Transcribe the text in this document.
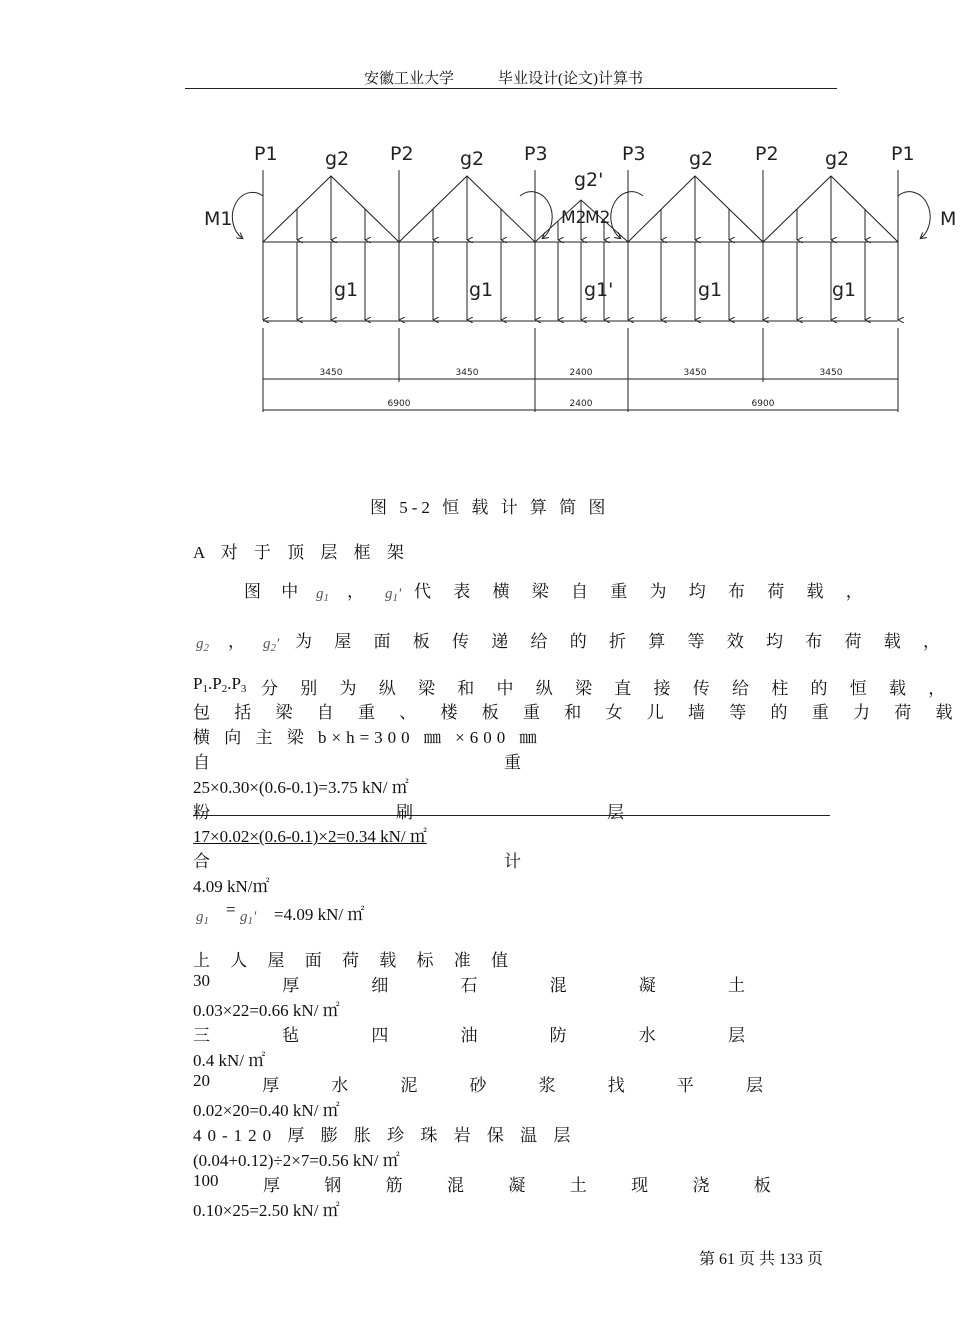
安徽工业大学	毕业设计(论文)计算书
P1 g2 P2 g2 P3
g2'
P3 g2 P2 g2 P1
M1	M2
M2	M
g1	g1	g1'	g1	g1
3450	3450	2400	3450	3450
6900	2400	6900
图 5-2 恒 载 计 算 简 图
A 对 于 顶 层 框 架
图 中 $g_1$ ， $g_1'$ 代 表 横 梁 自 重 为 均 布 荷 载 ，
$g_2$ ， $g_2'$ 为 屋 面 板 传 递 给 的 折 算 等 效 均 布 荷 载 ，
$P_1.P_2.P_3$ 分 别 为 纵 梁 和 中 纵 梁 直 接 传 给 柱 的 恒 载 ，
包 括 梁 自 重 、 楼 板 重 和 女 儿 墙 等 的 重 力 荷 载
横 向 主 梁 b×h=300 ㎜ ×600 ㎜
自	重
25×0.30×(0.6-0.1)=3.75 kN/ ㎡
粉	刷	层
17×0.02×(0.6-0.1)×2=0.34 kN/ ㎡
合	计
4.09 kN/㎡
$g_1$
= $g_1' =4.09$ kN/ ㎡
上 人 屋 面 荷 载 标 准 值
30	厚	细	石	混	凝	土
0.03×22=0.66 kN/ ㎡
三	毡	四	油	防	水	层
0.4 kN/ ㎡
20	厚	水	泥	砂	浆	找	平	层
0.02×20=0.40 kN/ ㎡
40-120 厚 膨 胀 珍 珠 岩 保 温 层
(0.04+0.12)÷2×7=0.56 kN/ ㎡
100	厚	钢	筋	混	凝	土	现	浇	板
0.10×25=2.50 kN/ ㎡
第 61 页 共 133 页
